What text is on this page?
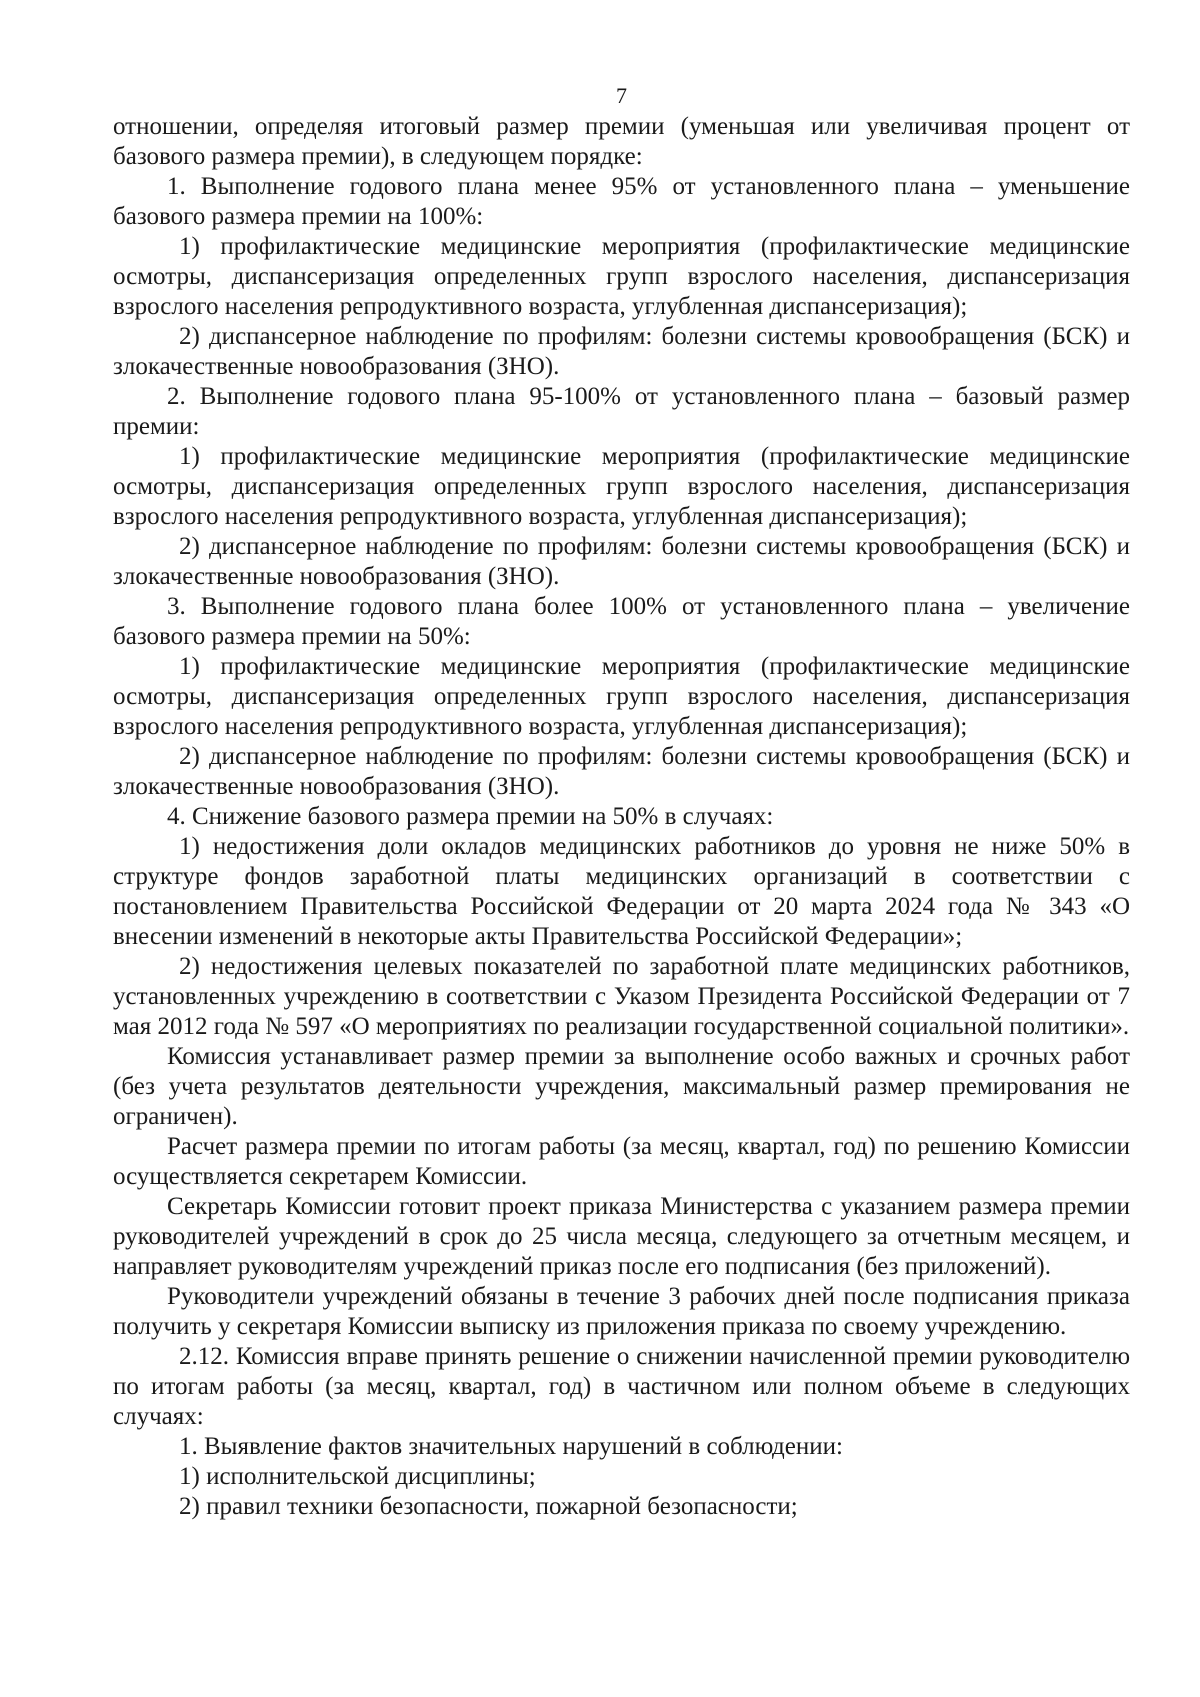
7

отношении, определяя итоговый размер премии (уменьшая или увеличивая процент от базового размера премии), в следующем порядке:

1. Выполнение годового плана менее 95% от установленного плана – уменьшение базового размера премии на 100%:

1) профилактические медицинские мероприятия (профилактические медицинские осмотры, диспансеризация определенных групп взрослого населения, диспансеризация взрослого населения репродуктивного возраста, углубленная диспансеризация);

2) диспансерное наблюдение по профилям: болезни системы кровообращения (БСК) и злокачественные новообразования (ЗНО).

2. Выполнение годового плана 95-100% от установленного плана – базовый размер премии:

1) профилактические медицинские мероприятия (профилактические медицинские осмотры, диспансеризация определенных групп взрослого населения, диспансеризация взрослого населения репродуктивного возраста, углубленная диспансеризация);

2) диспансерное наблюдение по профилям: болезни системы кровообращения (БСК) и злокачественные новообразования (ЗНО).

3. Выполнение годового плана более 100% от установленного плана – увеличение базового размера премии на 50%:

1) профилактические медицинские мероприятия (профилактические медицинские осмотры, диспансеризация определенных групп взрослого населения, диспансеризация взрослого населения репродуктивного возраста, углубленная диспансеризация);

2) диспансерное наблюдение по профилям: болезни системы кровообращения (БСК) и злокачественные новообразования (ЗНО).

4. Снижение базового размера премии на 50% в случаях:

1) недостижения доли окладов медицинских работников до уровня не ниже 50% в структуре фондов заработной платы медицинских организаций в соответствии с постановлением Правительства Российской Федерации от 20 марта 2024 года № 343 «О внесении изменений в некоторые акты Правительства Российской Федерации»;

2) недостижения целевых показателей по заработной плате медицинских работников, установленных учреждению в соответствии с Указом Президента Российской Федерации от 7 мая 2012 года № 597 «О мероприятиях по реализации государственной социальной политики».

Комиссия устанавливает размер премии за выполнение особо важных и срочных работ (без учета результатов деятельности учреждения, максимальный размер премирования не ограничен).

Расчет размера премии по итогам работы (за месяц, квартал, год) по решению Комиссии осуществляется секретарем Комиссии.

Секретарь Комиссии готовит проект приказа Министерства с указанием размера премии руководителей учреждений в срок до 25 числа месяца, следующего за отчетным месяцем, и направляет руководителям учреждений приказ после его подписания (без приложений).

Руководители учреждений обязаны в течение 3 рабочих дней после подписания приказа получить у секретаря Комиссии выписку из приложения приказа по своему учреждению.

2.12. Комиссия вправе принять решение о снижении начисленной премии руководителю по итогам работы (за месяц, квартал, год) в частичном или полном объеме в следующих случаях:

1. Выявление фактов значительных нарушений в соблюдении:

1) исполнительской дисциплины;

2) правил техники безопасности, пожарной безопасности;
